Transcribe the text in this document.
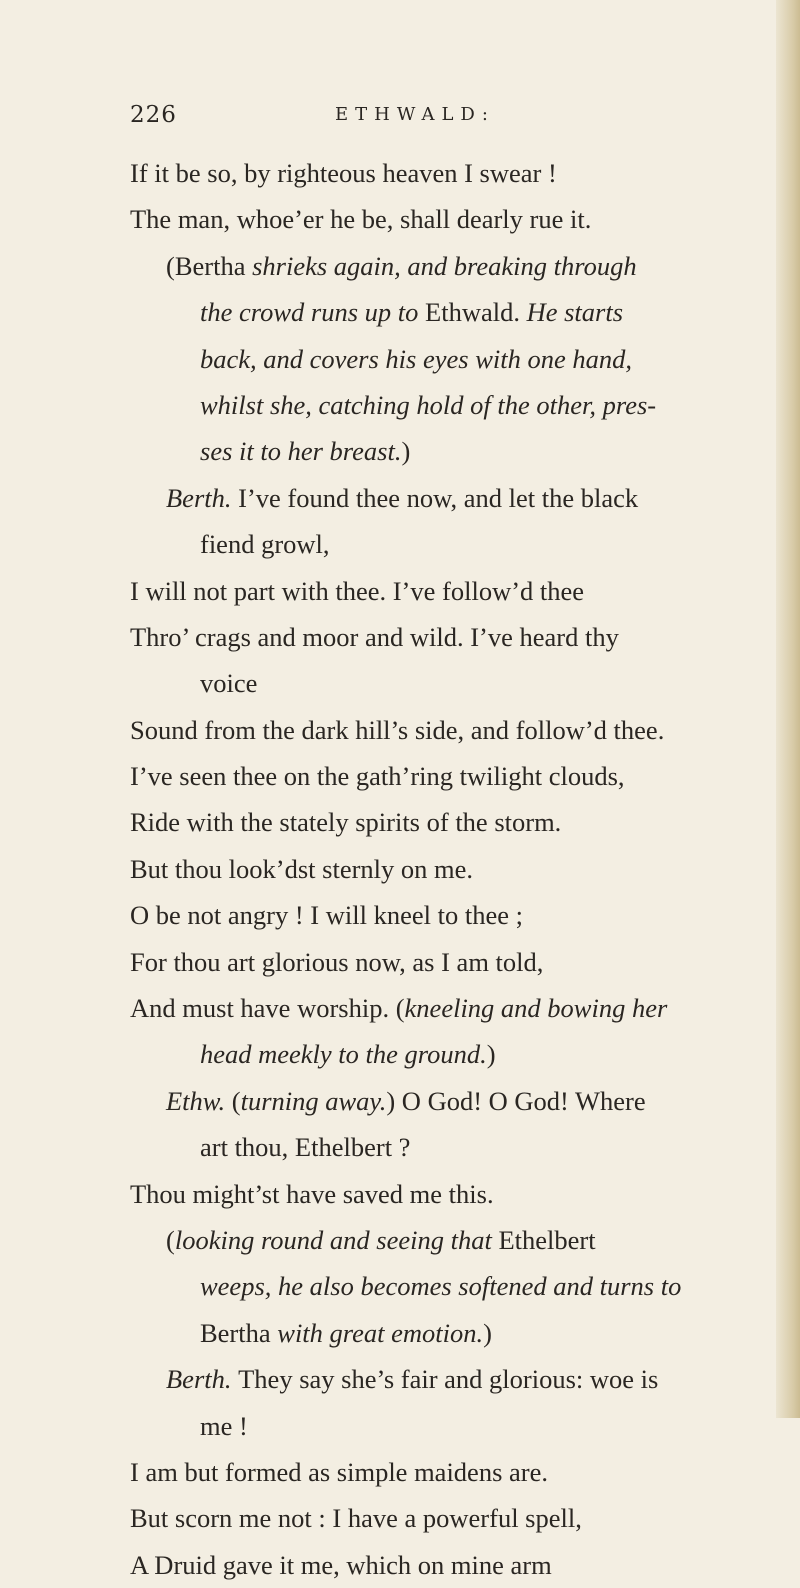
226	ETHWALD:
If it be so, by righteous heaven I swear !
The man, whoe’er he be, shall dearly rue it.
(Bertha shrieks again, and breaking through
the crowd runs up to Ethwald. He starts
back, and covers his eyes with one hand,
whilst she, catching hold of the other, pres-
ses it to her breast.)
Berth. I’ve found thee now, and let the black
fiend growl,
I will not part with thee. I’ve follow’d thee
Thro’ crags and moor and wild. I’ve heard thy
voice
Sound from the dark hill’s side, and follow’d thee.
I’ve seen thee on the gath’ring twilight clouds,
Ride with the stately spirits of the storm.
But thou look’dst sternly on me.
O be not angry ! I will kneel to thee ;
For thou art glorious now, as I am told,
And must have worship. (kneeling and bowing her
head meekly to the ground.)
Ethw. (turning away.) O God! O God! Where
art thou, Ethelbert ?
Thou might’st have saved me this.
(looking round and seeing that Ethelbert
weeps, he also becomes softened and turns to
Bertha with great emotion.)
Berth. They say she’s fair and glorious: woe is
me !
I am but formed as simple maidens are.
But scorn me not : I have a powerful spell,
A Druid gave it me, which on mine arm
